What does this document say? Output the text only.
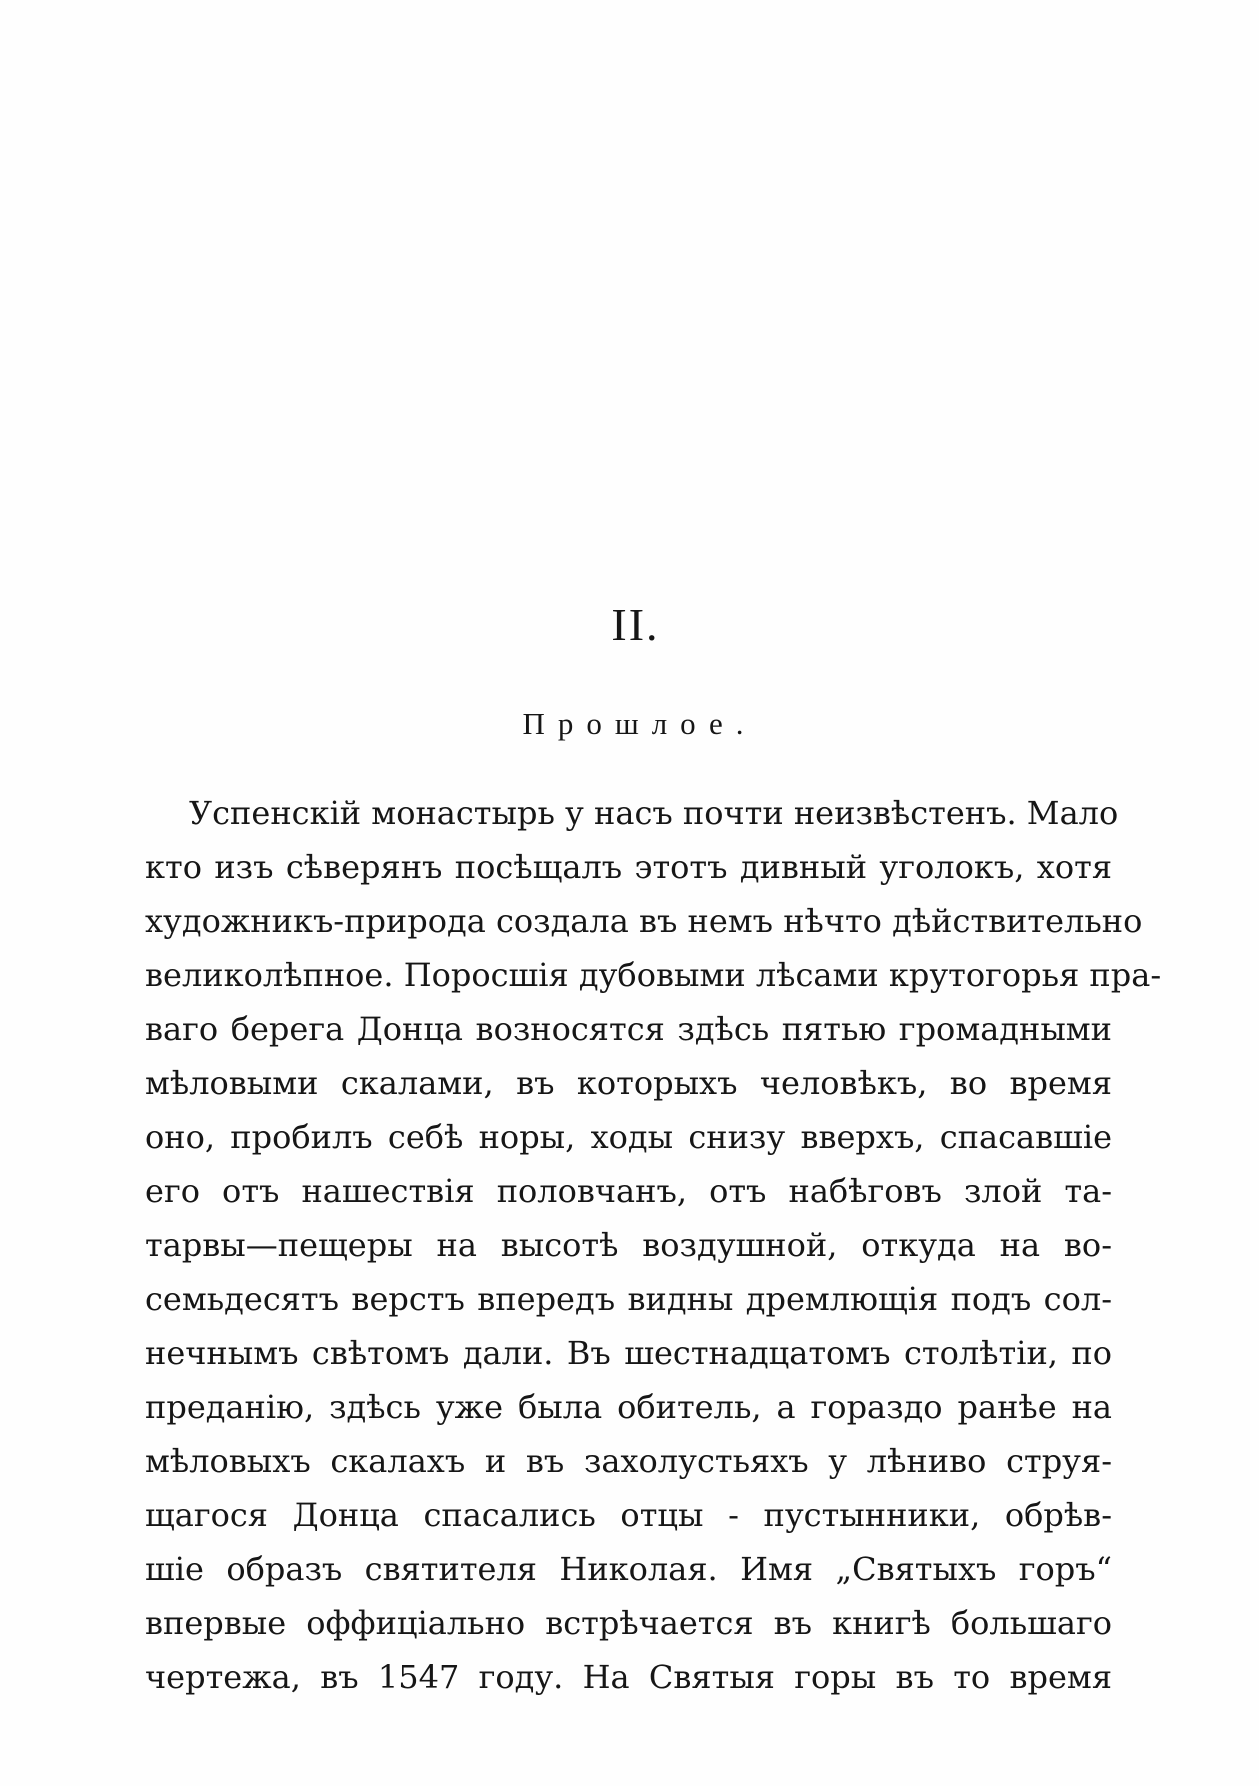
II.
Прошлое.
Успенскій монастырь у насъ почти неизвѣстенъ. Мало
кто изъ сѣверянъ посѣщалъ этотъ дивный уголокъ, хотя
художникъ-природа создала въ немъ нѣчто дѣйствительно
великолѣпное. Поросшія дубовыми лѣсами крутогорья пра-
ваго берега Донца возносятся здѣсь пятью громадными
мѣловыми скалами, въ которыхъ человѣкъ, во время
оно, пробилъ себѣ норы, ходы снизу вверхъ, спасавшіе
его отъ нашествія половчанъ, отъ набѣговъ злой та-
тарвы—пещеры на высотѣ воздушной, откуда на во-
семьдесятъ верстъ впередъ видны дремлющія подъ сол-
нечнымъ свѣтомъ дали. Въ шестнадцатомъ столѣтіи, по
преданію, здѣсь уже была обитель, а гораздо ранѣе на
мѣловыхъ скалахъ и въ захолустьяхъ у лѣниво струя-
щагося Донца спасались отцы - пустынники, обрѣв-
шіе образъ святителя Николая. Имя „Святыхъ горъ“
впервые оффиціально встрѣчается въ книгѣ большаго
чертежа, въ 1547 году. На Святыя горы въ то время
